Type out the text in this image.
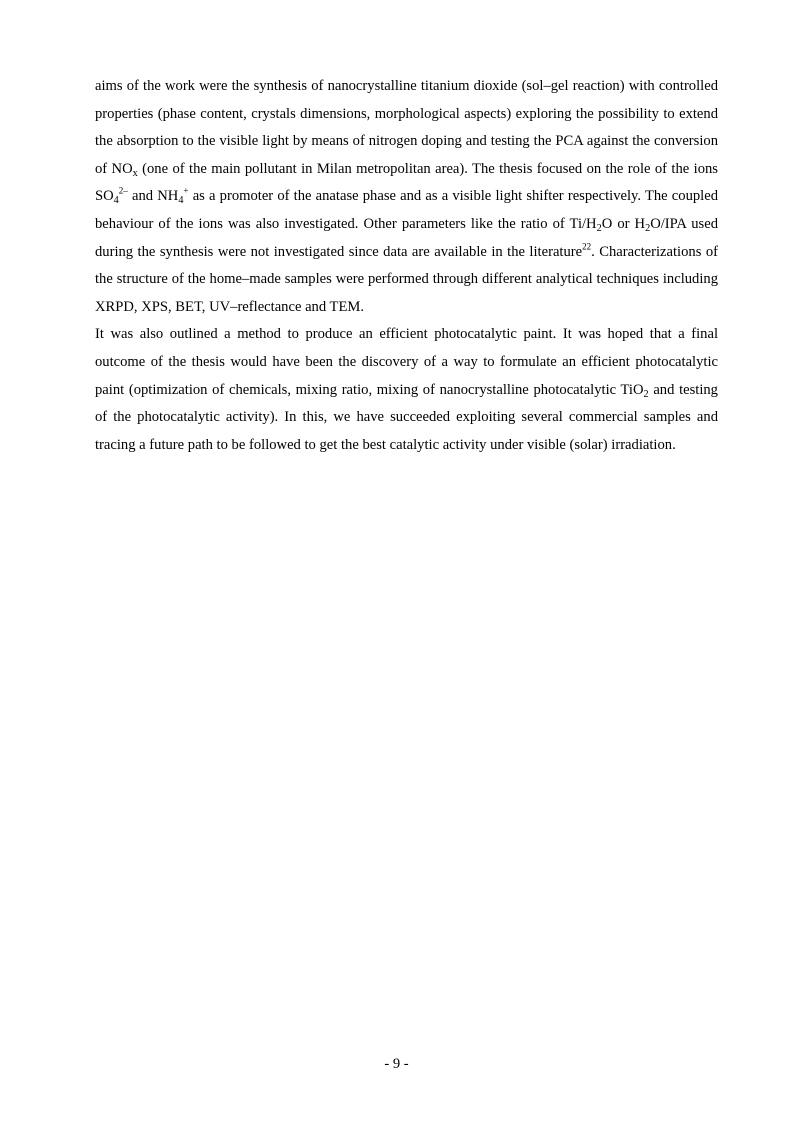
aims of the work were the synthesis of nanocrystalline titanium dioxide (sol–gel reaction) with controlled properties (phase content, crystals dimensions, morphological aspects) exploring the possibility to extend the absorption to the visible light by means of nitrogen doping and testing the PCA against the conversion of $NO_x$ (one of the main pollutant in Milan metropolitan area). The thesis focused on the role of the ions $SO_4^{2-}$ and $NH_4^+$ as a promoter of the anatase phase and as a visible light shifter respectively. The coupled behaviour of the ions was also investigated. Other parameters like the ratio of $Ti/H_2O$ or $H_2O$/IPA used during the synthesis were not investigated since data are available in the literature$^{22}$. Characterizations of the structure of the home–made samples were performed through different analytical techniques including XRPD, XPS, BET, UV–reflectance and TEM.

It was also outlined a method to produce an efficient photocatalytic paint. It was hoped that a final outcome of the thesis would have been the discovery of a way to formulate an efficient photocatalytic paint (optimization of chemicals, mixing ratio, mixing of nanocrystalline photocatalytic TiO$_2$ and testing of the photocatalytic activity). In this, we have succeeded exploiting several commercial samples and tracing a future path to be followed to get the best catalytic activity under visible (solar) irradiation.

- 9 -
